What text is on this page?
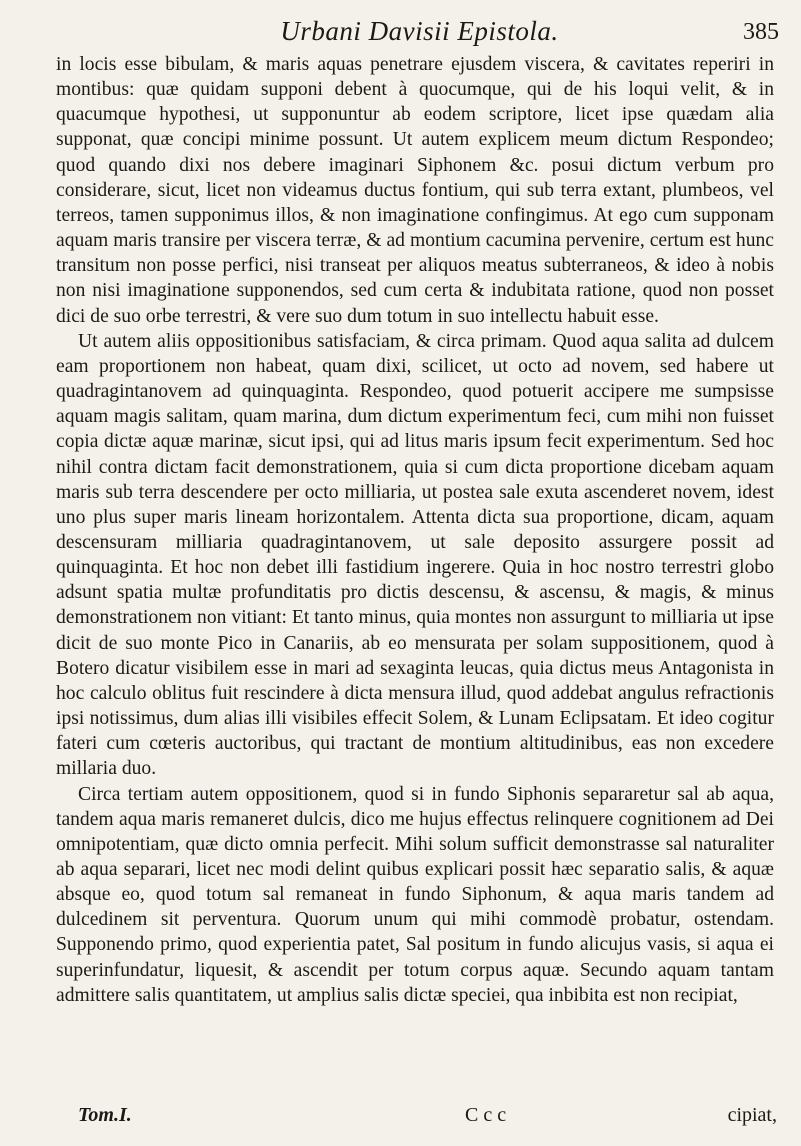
Urbani Davisii Epistola.	385

in locis esse bibulam, & maris aquas penetrare ejusdem viscera, & cavitates reperiri in montibus: quæ quidam supponi debent à quocumque, qui de his loqui velit, & in quacumque hypothesi, ut supponuntur ab eodem scriptore, licet ipse quædam alia supponat, quæ concipi minime possunt. Ut autem explicem meum dictum Respondeo; quod quando dixi nos debere imaginari Siphonem &c. posui dictum verbum pro considerare, sicut, licet non videamus ductus fontium, qui sub terra extant, plumbeos, vel terreos, tamen supponimus illos, & non imaginatione confingimus. At ego cum supponam aquam maris transire per viscera terræ, & ad montium cacumina pervenire, certum est hunc transitum non posse perfici, nisi transeat per aliquos meatus subterraneos, & ideo à nobis non nisi imaginatione supponendos, sed cum certa & indubitata ratione, quod non posset dici de suo orbe terrestri, & vere suo dum totum in suo intellectu habuit esse.

Ut autem aliis oppositionibus satisfaciam, & circa primam. Quod aqua salita ad dulcem eam proportionem non habeat, quam dixi, scilicet, ut octo ad novem, sed habere ut quadragintanovem ad quinquaginta. Respondeo, quod potuerit accipere me sumpsisse aquam magis salitam, quam marina, dum dictum experimentum feci, cum mihi non fuisset copia dictæ aquæ marinæ, sicut ipsi, qui ad litus maris ipsum fecit experimentum. Sed hoc nihil contra dictam facit demonstrationem, quia si cum dicta proportione dicebam aquam maris sub terra descendere per octo milliaria, ut postea sale exuta ascenderet novem, idest uno plus super maris lineam horizontalem. Attenta dicta sua proportione, dicam, aquam descensuram milliaria quadragintanovem, ut sale deposito assurgere possit ad quinquaginta. Et hoc non debet illi fastidium ingerere. Quia in hoc nostro terrestri globo adsunt spatia multæ profunditatis pro dictis descensu, & ascensu, & magis, & minus demonstrationem non vitiant: Et tanto minus, quia montes non assurgunt to milliaria ut ipse dicit de suo monte Pico in Canariis, ab eo mensurata per solam suppositionem, quod à Botero dicatur visibilem esse in mari ad sexaginta leucas, quia dictus meus Antagonista in hoc calculo oblitus fuit rescindere à dicta mensura illud, quod addebat angulus refractionis ipsi notissimus, dum alias illi visibiles effecit Solem, & Lunam Eclipsatam. Et ideo cogitur fateri cum cœteris auctoribus, qui tractant de montium altitudinibus, eas non excedere millaria duo.

Circa tertiam autem oppositionem, quod si in fundo Siphonis separaretur sal ab aqua, tandem aqua maris remaneret dulcis, dico me hujus effectus relinquere cognitionem ad Dei omnipotentiam, quæ dicto omnia perfecit. Mihi solum sufficit demonstrasse sal naturaliter ab aqua separari, licet nec modi delint quibus explicari possit hæc separatio salis, & aquæ absque eo, quod totum sal remaneat in fundo Siphonum, & aqua maris tandem ad dulcedinem sit perventura. Quorum unum qui mihi commodè probatur, ostendam. Supponendo primo, quod experientia patet, Sal positum in fundo alicujus vasis, si aqua ei superinfundatur, liquesit, & ascendit per totum corpus aquæ. Secundo aquam tantam admittere salis quantitatem, ut amplius salis dictæ speciei, qua inbibita est non recipiat,

Tom.I.	C c c	cipiat,
